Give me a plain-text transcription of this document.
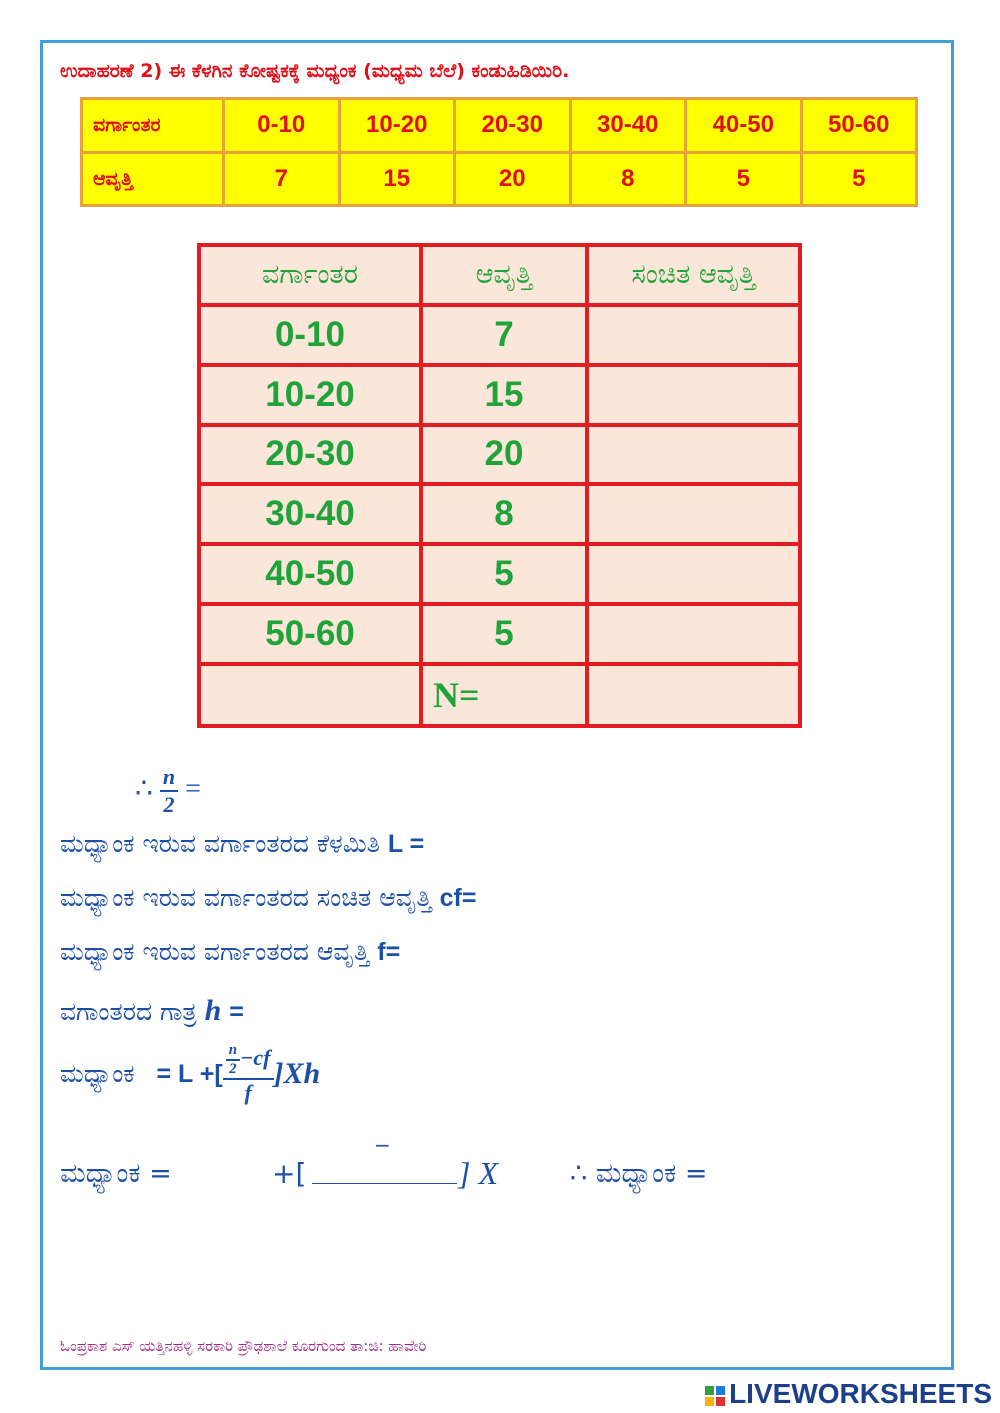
ಉದಾಹರಣೆ 2) ಈ ಕೆಳಗಿನ ಕೋಷ್ಟಕಕ್ಕೆ ಮಧ್ಯಂಕ (ಮಧ್ಯಮ ಬೆಲೆ) ಕಂಡುಹಿಡಿಯಿರಿ.
ವರ್ಗಾಂತರ	0-10	10-20	20-30	30-40	40-50	50-60
ಆವೃತ್ತಿ	7	15	20	8	5	5
ವರ್ಗಾಂತರ	ಆವೃತ್ತಿ	ಸಂಚಿತ ಆವೃತ್ತಿ
0-10	7	
10-20	15	
20-30	20	
30-40	8	
40-50	5	
50-60	5	
	N=	
∴ $\frac{n}{2}$ =
ಮಧ್ಯಾಂಕ ಇರುವ ವರ್ಗಾಂತರದ ಕೆಳಮಿತಿ L =
ಮಧ್ಯಾಂಕ ಇರುವ ವರ್ಗಾಂತರದ ಸಂಚಿತ ಆವೃತ್ತಿ cf=
ಮಧ್ಯಾಂಕ ಇರುವ ವರ್ಗಾಂತರದ ಆವೃತ್ತಿ f=
ವಗಾಂತರದ ಗಾತ್ರ h =
ಮಧ್ಯಾಂಕ = L +[ $\frac{\frac{n}{2} -cf}{f} ]Xh$
ಮಧ್ಯಾಂಕ =	+[
−
] X	∴ ಮಧ್ಯಾಂಕ =
ಓಂಪ್ರಕಾಶ ಎಸ್ ಯತ್ತಿನಹಳ್ಳಿ ಸರಕಾರಿ ಪ್ರೌಢಶಾಲೆ ಕೂರಗುಂದ ತಾ:ಜಿ: ಹಾವೇರಿ
LIVEWORKSHEETS
